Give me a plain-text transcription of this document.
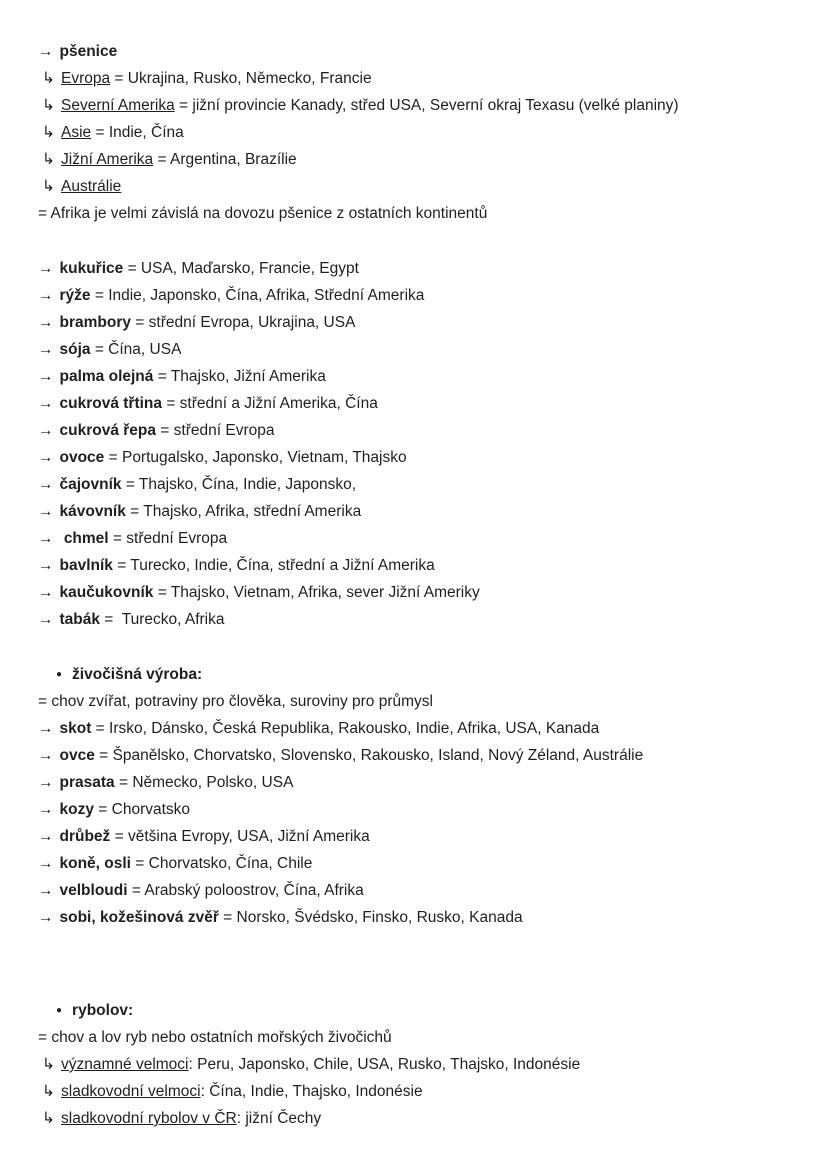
→ pšenice
↳ Evropa = Ukrajina, Rusko, Německo, Francie
↳ Severní Amerika = jižní provincie Kanady, střed USA, Severní okraj Texasu (velké planiny)
↳ Asie = Indie, Čína
↳ Jižní Amerika = Argentina, Brazílie
↳ Austrálie
= Afrika je velmi závislá na dovozu pšenice z ostatních kontinentů
→ kukuřice = USA, Maďarsko, Francie, Egypt
→ rýže = Indie, Japonsko, Čína, Afrika, Střední Amerika
→ brambory = střední Evropa, Ukrajina, USA
→ sója = Čína, USA
→ palma olejná = Thajsko, Jižní Amerika
→ cukrová třtina = střední a Jižní Amerika, Čína
→ cukrová řepa = střední Evropa
→ ovoce = Portugalsko, Japonsko, Vietnam, Thajsko
→ čajovník = Thajsko, Čína, Indie, Japonsko,
→ kávovník = Thajsko, Afrika, střední Amerika
→ chmel = střední Evropa
→ bavlník = Turecko, Indie, Čína, střední a Jižní Amerika
→ kaučukovník = Thajsko, Vietnam, Afrika, sever Jižní Ameriky
→ tabák =  Turecko, Afrika
● živočišná výroba:
= chov zvířat, potraviny pro člověka, suroviny pro průmysl
→ skot = Irsko, Dánsko, Česká Republika, Rakousko, Indie, Afrika, USA, Kanada
→ ovce = Španělsko, Chorvatsko, Slovensko, Rakousko, Island, Nový Zéland, Austrálie
→ prasata = Německo, Polsko, USA
→ kozy = Chorvatsko
→ drůbež = většina Evropy, USA, Jižní Amerika
→ koně, osli = Chorvatsko, Čína, Chile
→ velbloudi = Arabský poloostrov, Čína, Afrika
→ sobi, kožešinová zvěř = Norsko, Švédsko, Finsko, Rusko, Kanada
● rybolov:
= chov a lov ryb nebo ostatních mořských živočichů
↳ významné velmoci: Peru, Japonsko, Chile, USA, Rusko, Thajsko, Indonésie
↳ sladkovodní velmoci: Čína, Indie, Thajsko, Indonésie
↳ sladkovodní rybolov v ČR: jižní Čechy
